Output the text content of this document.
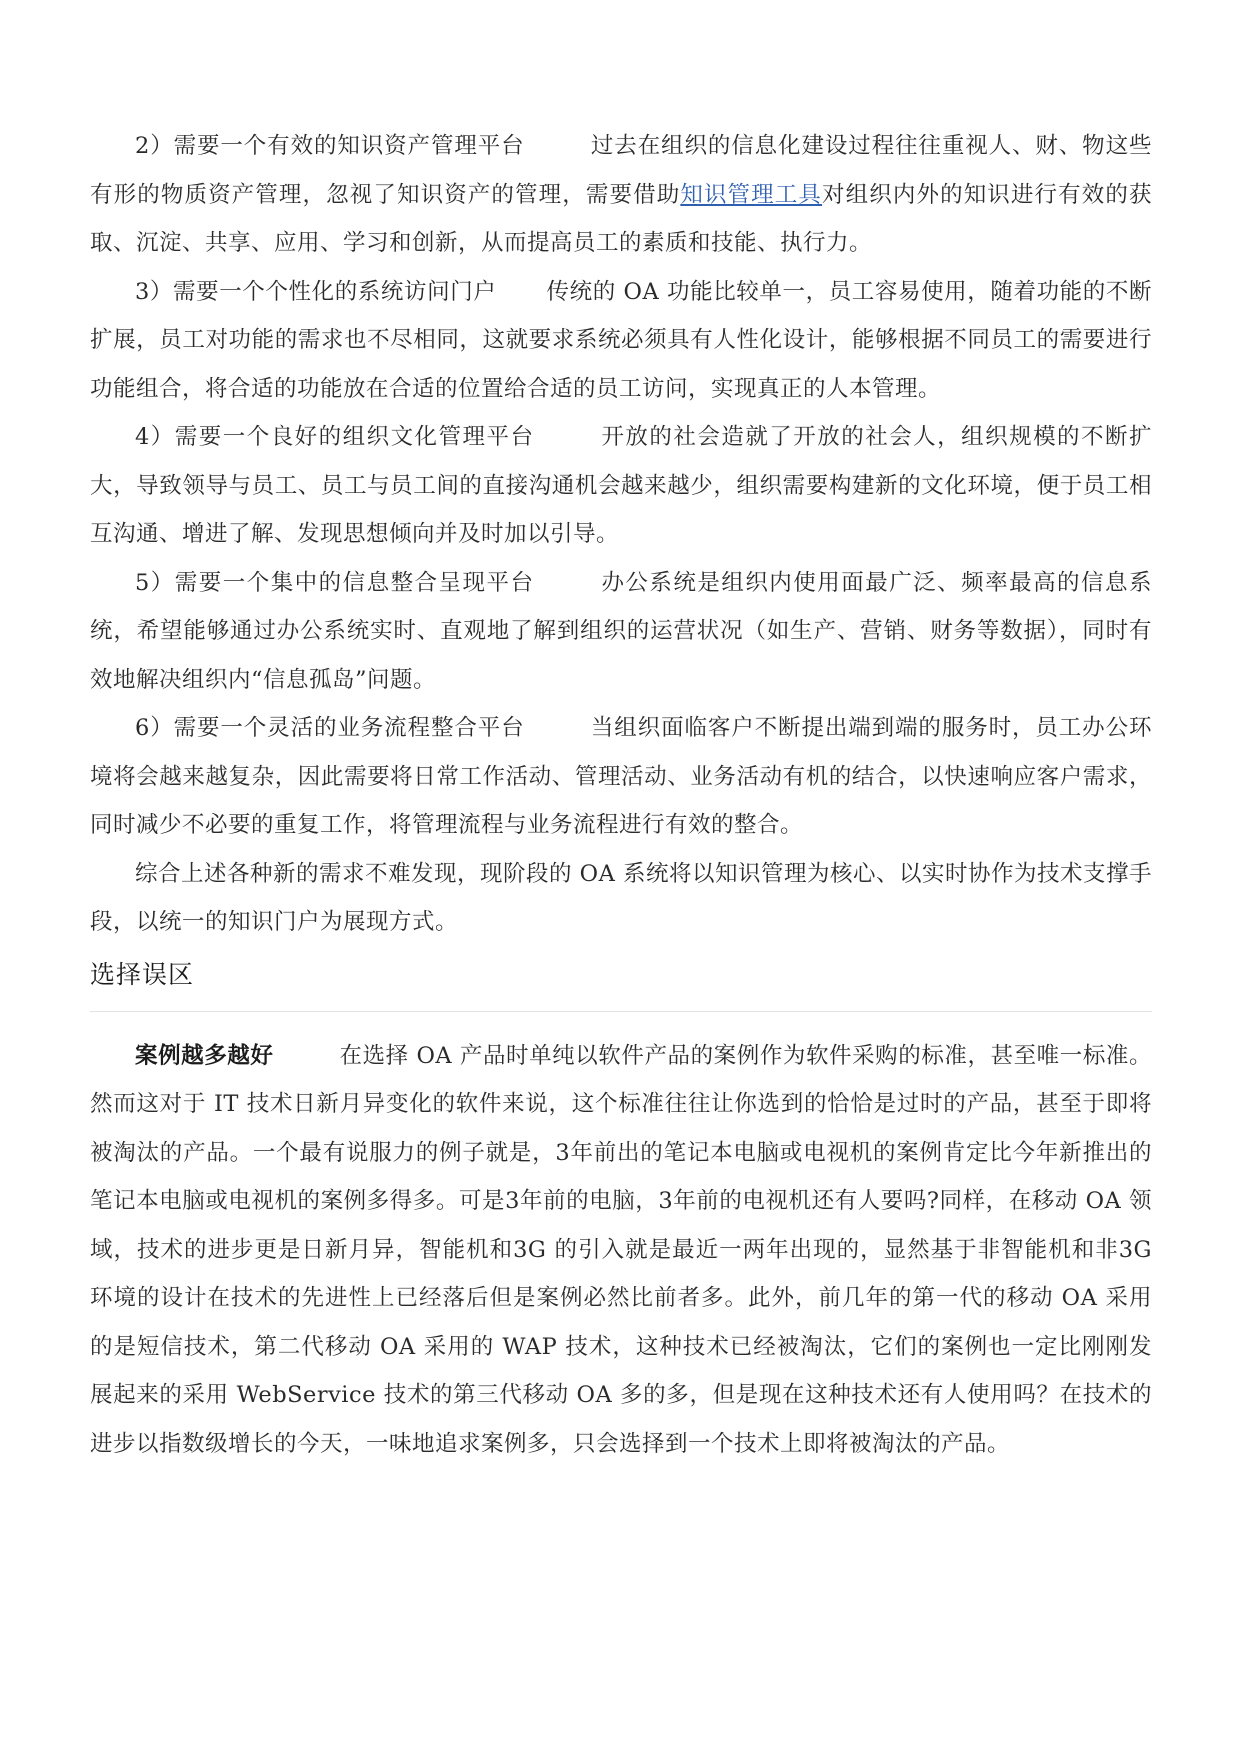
2）需要一个有效的知识资产管理平台	过去在组织的信息化建设过程往往重视人、财、物这些有形的物质资产管理，忽视了知识资产的管理，需要借助知识管理工具对组织内外的知识进行有效的获取、沉淀、共享、应用、学习和创新，从而提高员工的素质和技能、执行力。

3）需要一个个性化的系统访问门户 传统的 OA 功能比较单一，员工容易使用，随着功能的不断扩展，员工对功能的需求也不尽相同，这就要求系统必须具有人性化设计，能够根据不同员工的需要进行功能组合，将合适的功能放在合适的位置给合适的员工访问，实现真正的人本管理。

4）需要一个良好的组织文化管理平台	开放的社会造就了开放的社会人，组织规模的不断扩大，导致领导与员工、员工与员工间的直接沟通机会越来越少，组织需要构建新的文化环境，便于员工相互沟通、增进了解、发现思想倾向并及时加以引导。

5）需要一个集中的信息整合呈现平台	办公系统是组织内使用面最广泛、频率最高的信息系统，希望能够通过办公系统实时、直观地了解到组织的运营状况（如生产、营销、财务等数据），同时有效地解决组织内“信息孤岛”问题。

6）需要一个灵活的业务流程整合平台	当组织面临客户不断提出端到端的服务时，员工办公环境将会越来越复杂，因此需要将日常工作活动、管理活动、业务活动有机的结合，以快速响应客户需求，同时减少不必要的重复工作，将管理流程与业务流程进行有效的整合。

综合上述各种新的需求不难发现，现阶段的 OA 系统将以知识管理为核心、以实时协作为技术支撑手段，以统一的知识门户为展现方式。

选择误区

案例越多越好	在选择 OA 产品时单纯以软件产品的案例作为软件采购的标准，甚至唯一标准。然而这对于 IT 技术日新月异变化的软件来说，这个标准往往让你选到的恰恰是过时的产品，甚至于即将被淘汰的产品。一个最有说服力的例子就是，3年前出的笔记本电脑或电视机的案例肯定比今年新推出的笔记本电脑或电视机的案例多得多。可是3年前的电脑，3年前的电视机还有人要吗?同样，在移动 OA 领域，技术的进步更是日新月异，智能机和3G 的引入就是最近一两年出现的，显然基于非智能机和非3G 环境的设计在技术的先进性上已经落后但是案例必然比前者多。此外，前几年的第一代的移动 OA 采用的是短信技术，第二代移动 OA 采用的 WAP 技术，这种技术已经被淘汰，它们的案例也一定比刚刚发展起来的采用 WebService 技术的第三代移动 OA 多的多，但是现在这种技术还有人使用吗？在技术的进步以指数级增长的今天，一味地追求案例多，只会选择到一个技术上即将被淘汰的产品。
